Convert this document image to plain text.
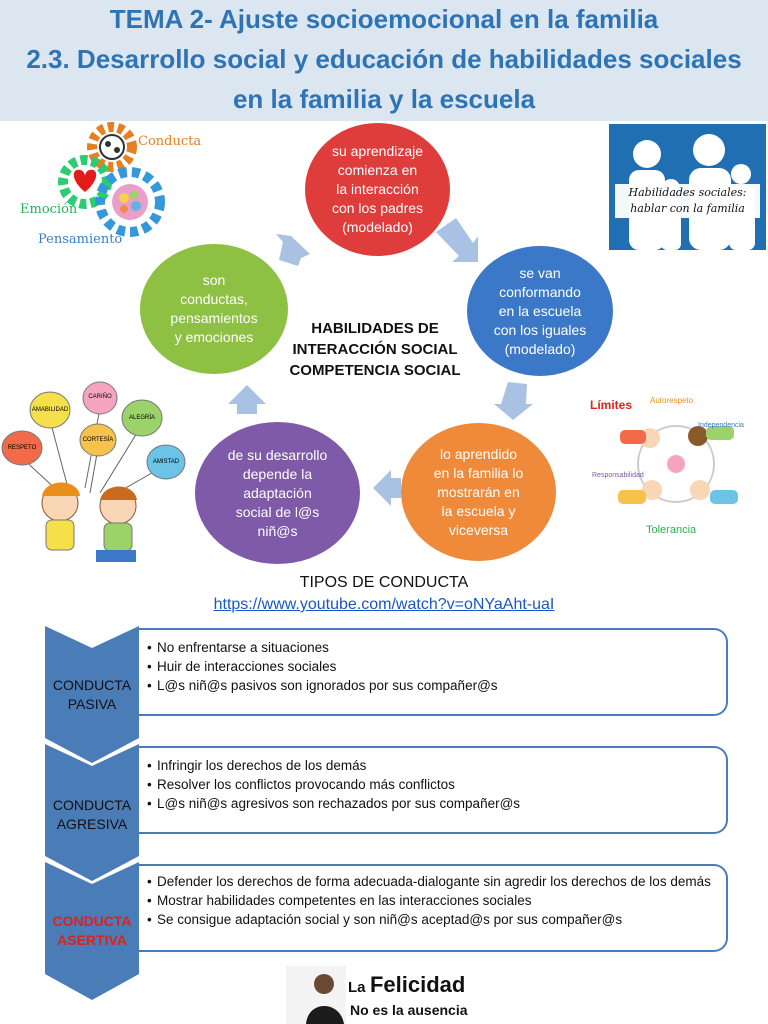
TEMA 2- Ajuste socioemocional en la familia
2.3. Desarrollo social y educación de habilidades sociales
en la familia y la escuela
Conducta
Emoción
Pensamiento
Habilidades sociales:
hablar con la familia
CARIÑO
AMABILIDAD
ALEGRÍA
CORTESÍA
RESPETO
AMISTAD
Límites Autorespeto
Independencia
Responsabilidad
Tolerancia
su aprendizaje
comienza en
la interacción
con los padres
(modelado)
se van
conformando
en la escuela
con los iguales
(modelado)
lo aprendido
en la familia lo
mostrarán en
la escuela y
viceversa
de su desarrollo
depende la
adaptación
social de l@s
niñ@s
son
conductas,
pensamientos
y emociones	HABILIDADES DE
INTERACCIÓN SOCIAL
COMPETENCIA SOCIAL
TIPOS DE CONDUCTA
https://www.youtube.com/watch?v=oNYaAht-uaI
CONDUCTA
PASIVA
CONDUCTA
AGRESIVA
CONDUCTA
ASERTIVA
• No enfrentarse a situaciones
• Huir de interacciones sociales
• L@s niñ@s pasivos son ignorados por sus compañer@s
• Infringir los derechos de los demás
• Resolver los conflictos provocando más conflictos
• L@s niñ@s agresivos son rechazados por sus compañer@s
• Defender los derechos de forma adecuada-dialogante sin agredir los derechos de los demás
• Mostrar habilidades competentes en las interacciones sociales
• Se consigue adaptación social y son niñ@s aceptad@s por sus compañer@s
La Felicidad
No es la ausencia
